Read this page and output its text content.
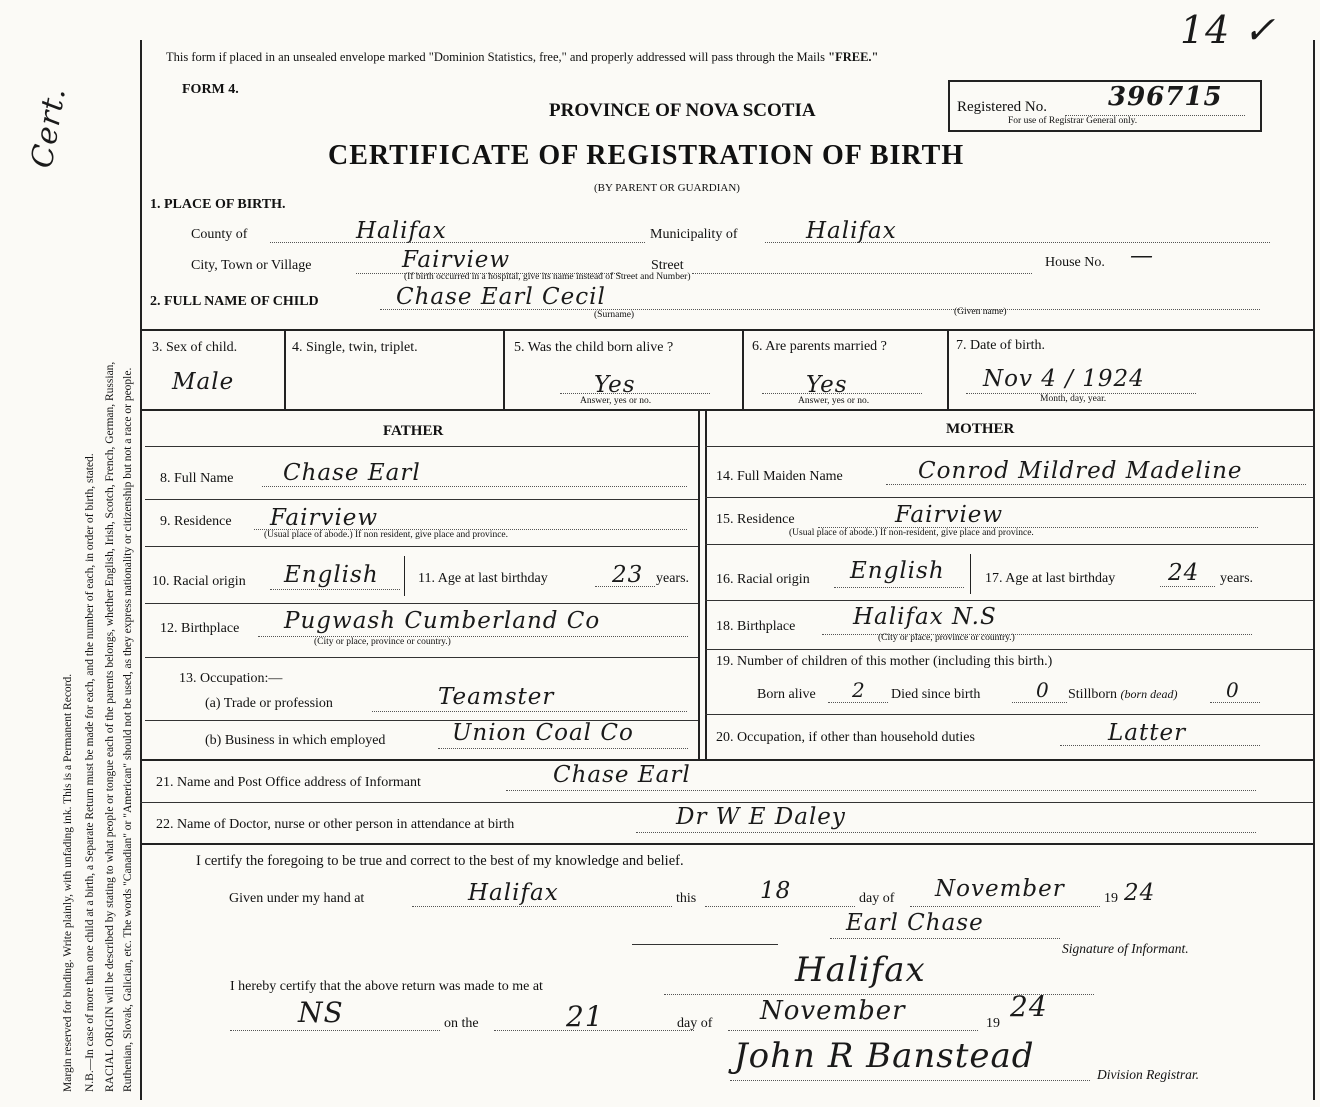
Margin reserved for binding. Write plainly, with unfading ink. This is a Permanent Record. N.B.—In case of more than one child at a birth, a Separate Return must be made for each, and the number of each, in order of birth, stated. RACIAL ORIGIN will be described by stating to what people or tongue each of the parents belongs, whether English, Irish, Scotch, French, German, Russian, Ruthenian, Slovak, Galician, etc. The words "Canadian" or "American" should not be used, as they express nationality or citizenship but not a race or people.
Cert.
This form if placed in an unsealed envelope marked "Dominion Statistics, free," and properly addressed will pass through the Mails "FREE."
14 ✓
FORM 4.
PROVINCE OF NOVA SCOTIA	Registered No. 396715
For use of Registrar General only.
CERTIFICATE OF REGISTRATION OF BIRTH
(BY PARENT OR GUARDIAN)
1. PLACE OF BIRTH.
County of	Halifax	Municipality of	Halifax
City, Town or Village	Fairview	Street	House No. —
(If birth occurred in a hospital, give its name instead of Street and Number)
2. FULL NAME OF CHILD	Chase Earl Cecil
(Surname)	(Given name)
3. Sex of child.
Male
4. Single, twin, triplet.	5. Was the child born alive ?
Yes
Answer, yes or no.
6. Are parents married ?
Yes
Answer, yes or no.
7. Date of birth.
Nov 4 / 1924
Month, day, year.
FATHER	MOTHER
8. Full Name Chase Earl
9. Residence Fairview
(Usual place of abode.) If non resident, give place and province.
10. Racial origin English	11. Age at last birthday	23 years.
12. Birthplace Pugwash Cumberland Co
(City or place, province or country.)
13. Occupation:—
(a) Trade or profession	Teamster
(b) Business in which employed	Union Coal Co
14. Full Maiden Name	Conrod Mildred Madeline
15. Residence	Fairview
(Usual place of abode.) If non-resident, give place and province.
16. Racial origin English	17. Age at last birthday 24 years.
18. Birthplace	Halifax N.S
(City or place, province or country.)
19. Number of children of this mother (including this birth.)
Born alive 2 Died since birth	0 Stillborn (born dead) 0
20. Occupation, if other than household duties	Latter
21. Name and Post Office address of Informant	Chase Earl
22. Name of Doctor, nurse or other person in attendance at birth	Dr W E Daley
I certify the foregoing to be true and correct to the best of my knowledge and belief.
Given under my hand at	Halifax	this	18	day of November	19 24
Earl Chase
Signature of Informant.
I hereby certify that the above return was made to me at	Halifax
NS	on the	21	day of November	19
24
John R Banstead	Division Registrar.
